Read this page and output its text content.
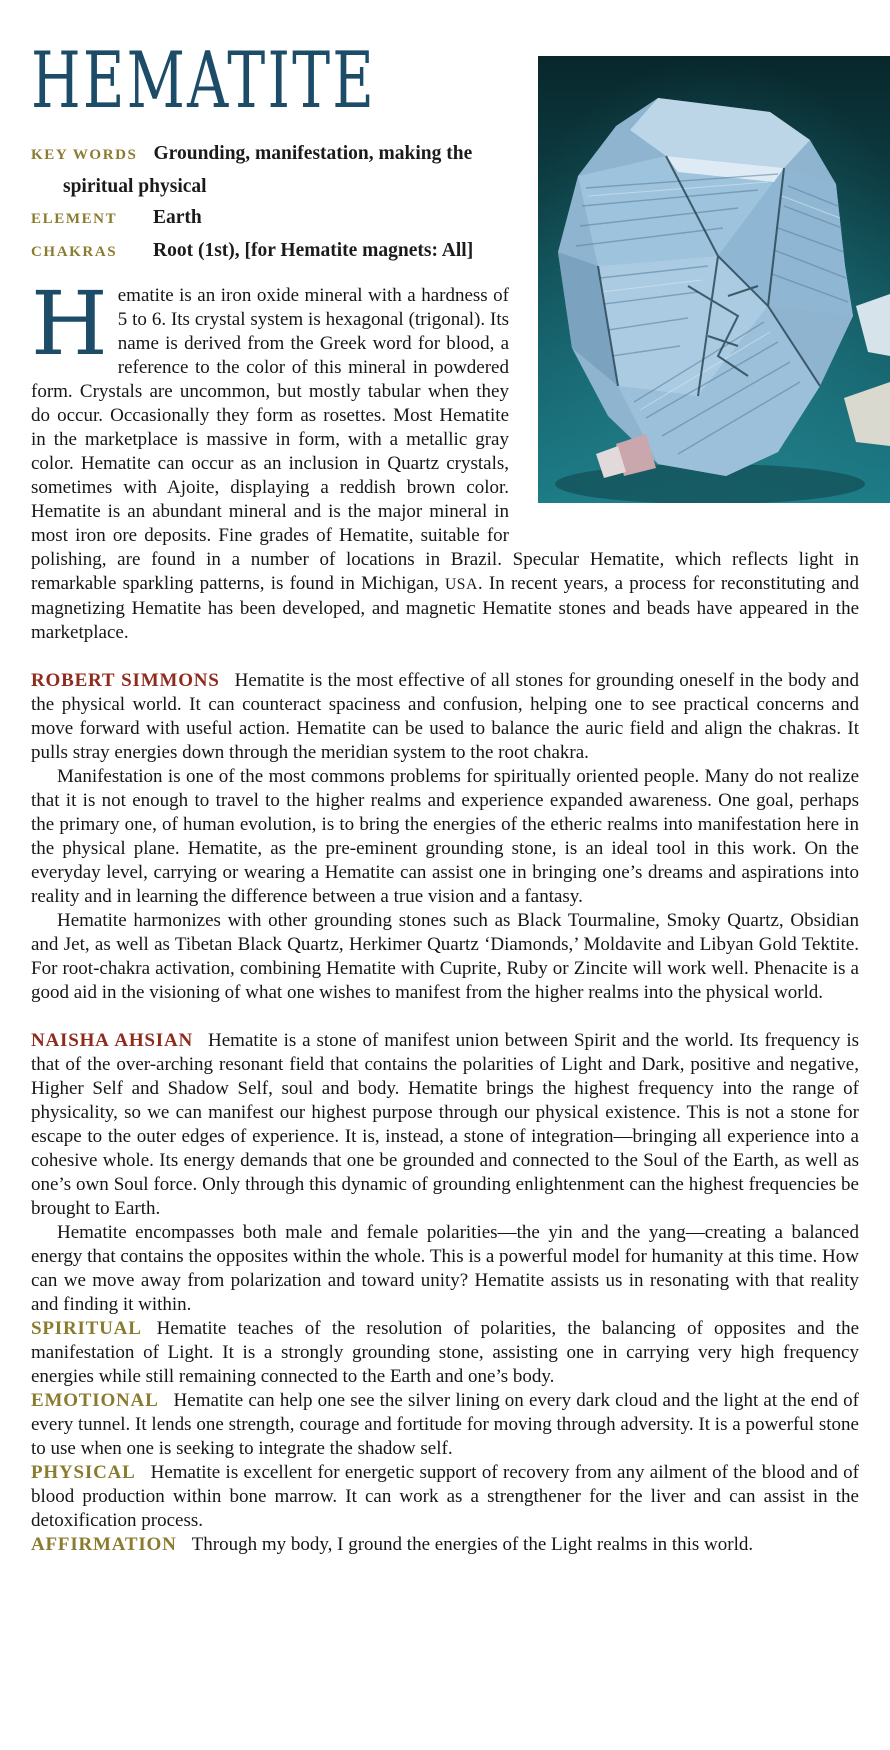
HEMATITE
KEY WORDS Grounding, manifestation, making the spiritual physical
ELEMENT Earth
CHAKRAS Root (1st), [for Hematite magnets: All]

Hematite is an iron oxide mineral with a hardness of 5 to 6. Its crystal system is hexagonal (trigonal). Its name is derived from the Greek word for blood, a reference to the color of this mineral in powdered form. Crystals are uncommon, but mostly tabular when they do occur. Occasionally they form as rosettes. Most Hematite in the marketplace is massive in form, with a metallic gray color. Hematite can occur as an inclusion in Quartz crystals, sometimes with Ajoite, displaying a reddish brown color. Hematite is an abundant mineral and is the major mineral in most iron ore deposits. Fine grades of Hematite, suitable for polishing, are found in a number of locations in Brazil. Specular Hematite, which reflects light in remarkable sparkling patterns, is found in Michigan, USA. In recent years, a process for reconstituting and magnetizing Hematite has been developed, and magnetic Hematite stones and beads have appeared in the marketplace.

ROBERT SIMMONS Hematite is the most effective of all stones for grounding oneself in the body and the physical world. It can counteract spaciness and confusion, helping one to see practical concerns and move forward with useful action. Hematite can be used to balance the auric field and align the chakras. It pulls stray energies down through the meridian system to the root chakra.

Manifestation is one of the most commons problems for spiritually oriented people. Many do not realize that it is not enough to travel to the higher realms and experience expanded awareness. One goal, perhaps the primary one, of human evolution, is to bring the energies of the etheric realms into manifestation here in the physical plane. Hematite, as the pre-eminent grounding stone, is an ideal tool in this work. On the everyday level, carrying or wearing a Hematite can assist one in bringing one’s dreams and aspirations into reality and in learning the difference between a true vision and a fantasy.

Hematite harmonizes with other grounding stones such as Black Tourmaline, Smoky Quartz, Obsidian and Jet, as well as Tibetan Black Quartz, Herkimer Quartz ‘Diamonds,’ Moldavite and Libyan Gold Tektite. For root-chakra activation, combining Hematite with Cuprite, Ruby or Zincite will work well. Phenacite is a good aid in the visioning of what one wishes to manifest from the higher realms into the physical world.

NAISHA AHSIAN Hematite is a stone of manifest union between Spirit and the world. Its frequency is that of the over-arching resonant field that contains the polarities of Light and Dark, positive and negative, Higher Self and Shadow Self, soul and body. Hematite brings the highest frequency into the range of physicality, so we can manifest our highest purpose through our physical existence. This is not a stone for escape to the outer edges of experience. It is, instead, a stone of integration—bringing all experience into a cohesive whole. Its energy demands that one be grounded and connected to the Soul of the Earth, as well as one’s own Soul force. Only through this dynamic of grounding enlightenment can the highest frequencies be brought to Earth.

Hematite encompasses both male and female polarities—the yin and the yang—creating a balanced energy that contains the opposites within the whole. This is a powerful model for humanity at this time. How can we move away from polarization and toward unity? Hematite assists us in resonating with that reality and finding it within.

SPIRITUAL Hematite teaches of the resolution of polarities, the balancing of opposites and the manifestation of Light. It is a strongly grounding stone, assisting one in carrying very high frequency energies while still remaining connected to the Earth and one’s body.

EMOTIONAL Hematite can help one see the silver lining on every dark cloud and the light at the end of every tunnel. It lends one strength, courage and fortitude for moving through adversity. It is a powerful stone to use when one is seeking to integrate the shadow self.

PHYSICAL Hematite is excellent for energetic support of recovery from any ailment of the blood and of blood production within bone marrow. It can work as a strengthener for the liver and can assist in the detoxification process.

AFFIRMATION Through my body, I ground the energies of the Light realms in this world.
